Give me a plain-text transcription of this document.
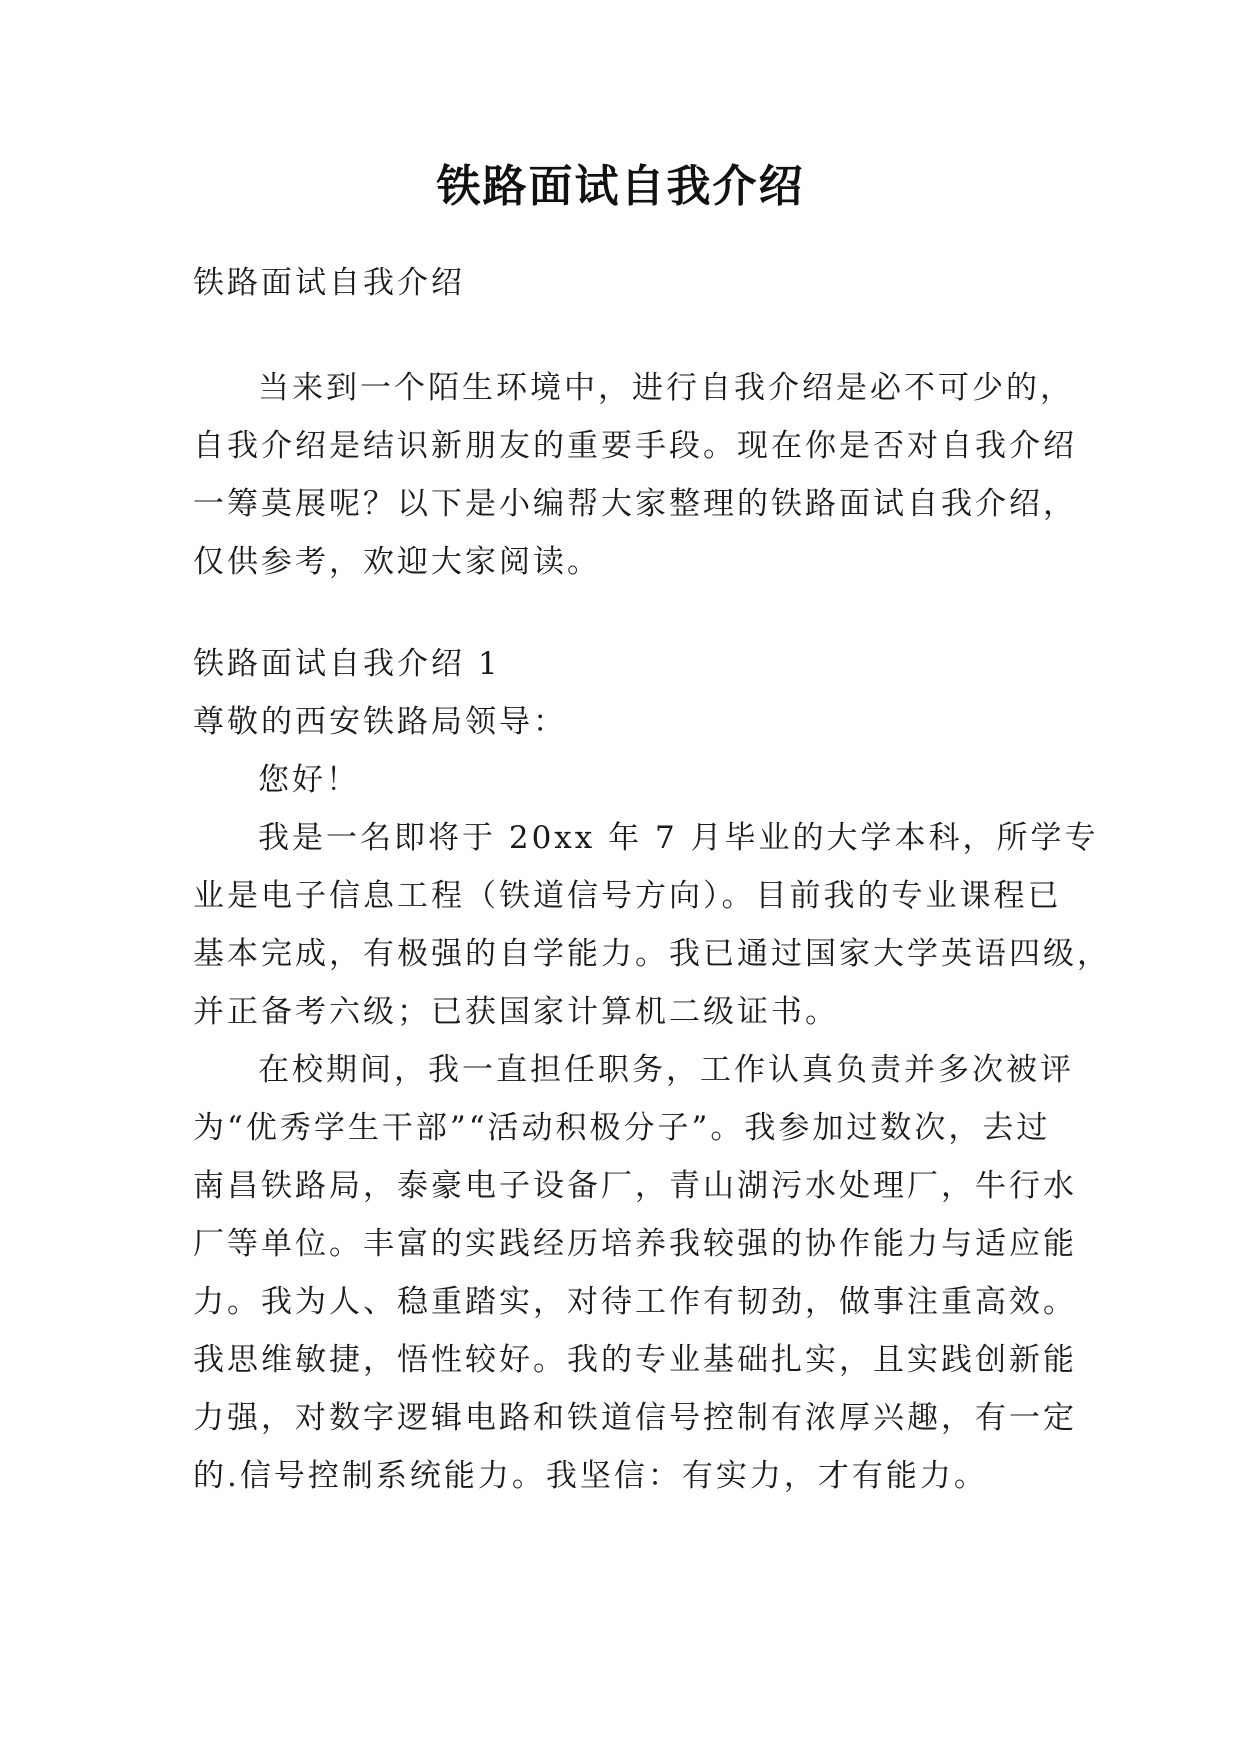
铁路面试自我介绍
铁路面试自我介绍
当来到一个陌生环境中，进行自我介绍是必不可少的，
自我介绍是结识新朋友的重要手段。现在你是否对自我介绍
一筹莫展呢？以下是小编帮大家整理的铁路面试自我介绍，
仅供参考，欢迎大家阅读。
铁路面试自我介绍 1
尊敬的西安铁路局领导：
您好！
我是一名即将于 20xx 年 7 月毕业的大学本科，所学专
业是电子信息工程（铁道信号方向）。目前我的专业课程已
基本完成，有极强的自学能力。我已通过国家大学英语四级，
并正备考六级；已获国家计算机二级证书。
在校期间，我一直担任职务，工作认真负责并多次被评
为“优秀学生干部”“活动积极分子”。我参加过数次，去过
南昌铁路局，泰豪电子设备厂，青山湖污水处理厂，牛行水
厂等单位。丰富的实践经历培养我较强的协作能力与适应能
力。我为人、稳重踏实，对待工作有韧劲，做事注重高效。
我思维敏捷，悟性较好。我的专业基础扎实，且实践创新能
力强，对数字逻辑电路和铁道信号控制有浓厚兴趣，有一定
的.信号控制系统能力。我坚信：有实力，才有能力。
